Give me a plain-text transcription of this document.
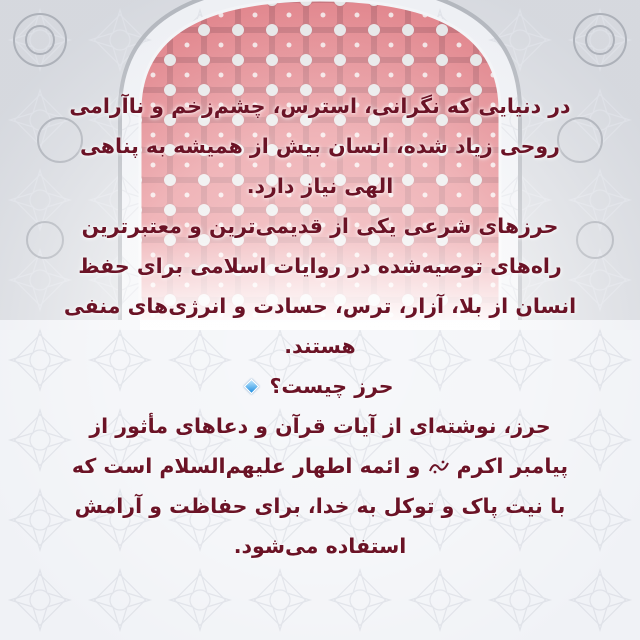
در دنیایی که نگرانی، استرس، چشم‌زخم و ناآرامی

روحی زیاد شده، انسان بیش از همیشه به پناهی

الهی نیاز دارد.

حرزهای شرعی یکی از قدیمی‌ترین و معتبرترین

راه‌های توصیه‌شده در روایات اسلامی برای حفظ

انسان از بلا، آزار، ترس، حسادت و انرژی‌های منفی

هستند.

حرز چیست؟

حرز، نوشته‌ای از آیات قرآن و دعاهای مأثور از

پیامبر اکرم  و ائمه اطهار علیهم‌السلام است که

با نیت پاک و توکل به خدا، برای حفاظت و آرامش

استفاده می‌شود.
